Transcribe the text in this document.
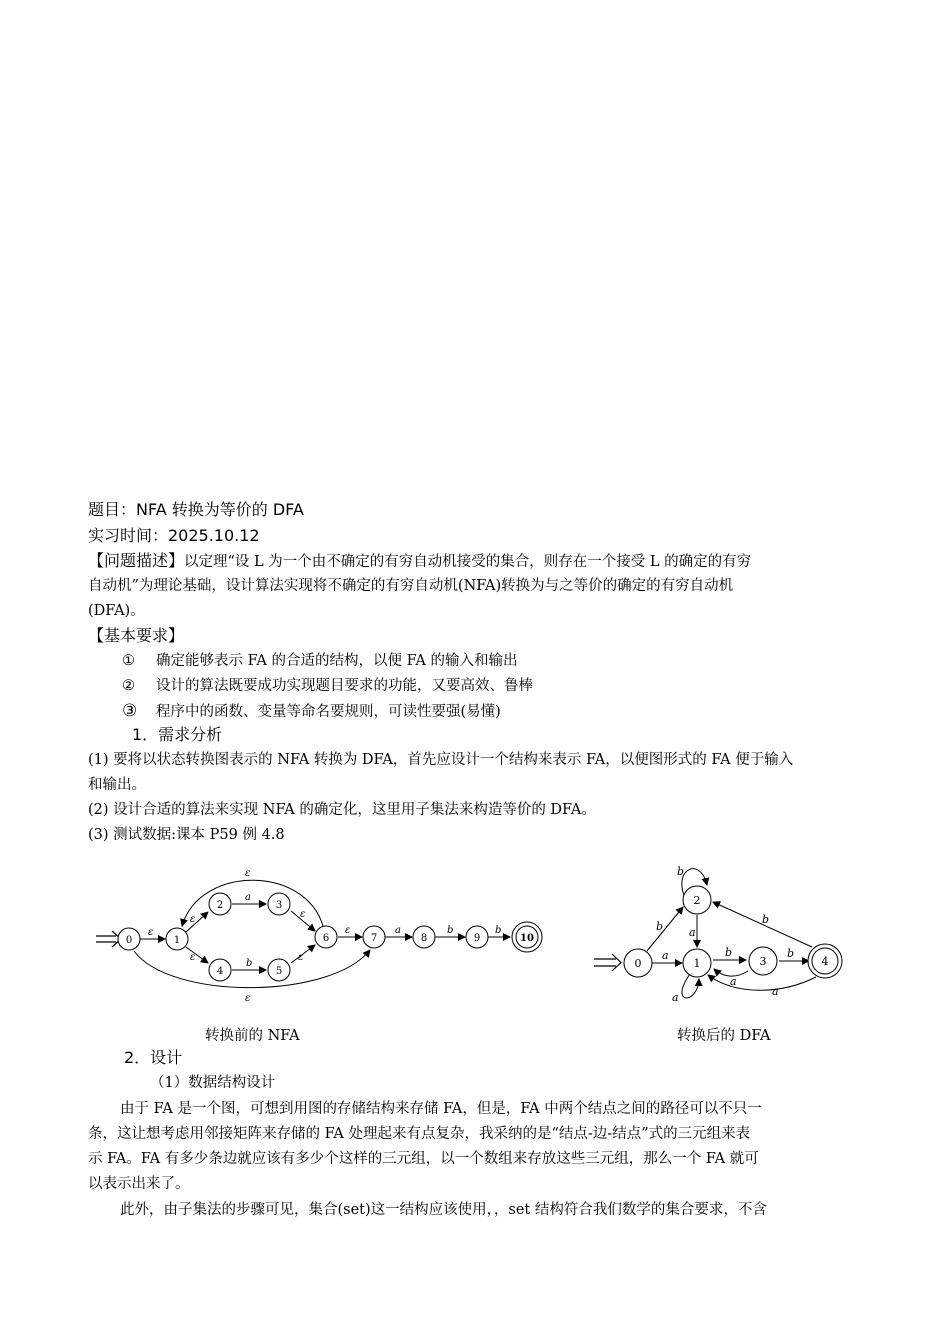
题目：NFA 转换为等价的 DFA
实习时间：2025.10.12
【问题描述】以定理“设 L 为一个由不确定的有穷自动机接受的集合，则存在一个接受 L 的确定的有穷
自动机”为理论基础，设计算法实现将不确定的有穷自动机(NFA)转换为与之等价的确定的有穷自动机
(DFA)。
【基本要求】
① 确定能够表示 FA 的合适的结构，以便 FA 的输入和输出
② 设计的算法既要成功实现题目要求的功能，又要高效、鲁棒
③ 程序中的函数、变量等命名要规则，可读性要强(易懂)
1．需求分析
(1) 要将以状态转换图表示的 NFA 转换为 DFA，首先应设计一个结构来表示 FA，以便图形式的 FA 便于输入
和输出。
(2) 设计合适的算法来实现 NFA 的确定化，这里用子集法来构造等价的 DFA。
(3) 测试数据:课本 P59 例 4.8
ε
ε
a
ε
ε
b
ε
ε
ε	a	b	b
ε
0	1
2	3
4	5
6	7	8	9	10
a
b a
b
a
b
b
a
b
a
0	1
2
3	4
转换前的 NFA	转换后的 DFA
2．设计
（1）数据结构设计
由于 FA 是一个图，可想到用图的存储结构来存储 FA，但是，FA 中两个结点之间的路径可以不只一
条，这让想考虑用邻接矩阵来存储的 FA 处理起来有点复杂，我采纳的是“结点-边-结点”式的三元组来表
示 FA。FA 有多少条边就应该有多少个这样的三元组，以一个数组来存放这些三元组，那么一个 FA 就可
以表示出来了。
此外，由子集法的步骤可见，集合(set)这一结构应该使用，，set 结构符合我们数学的集合要求，不含
